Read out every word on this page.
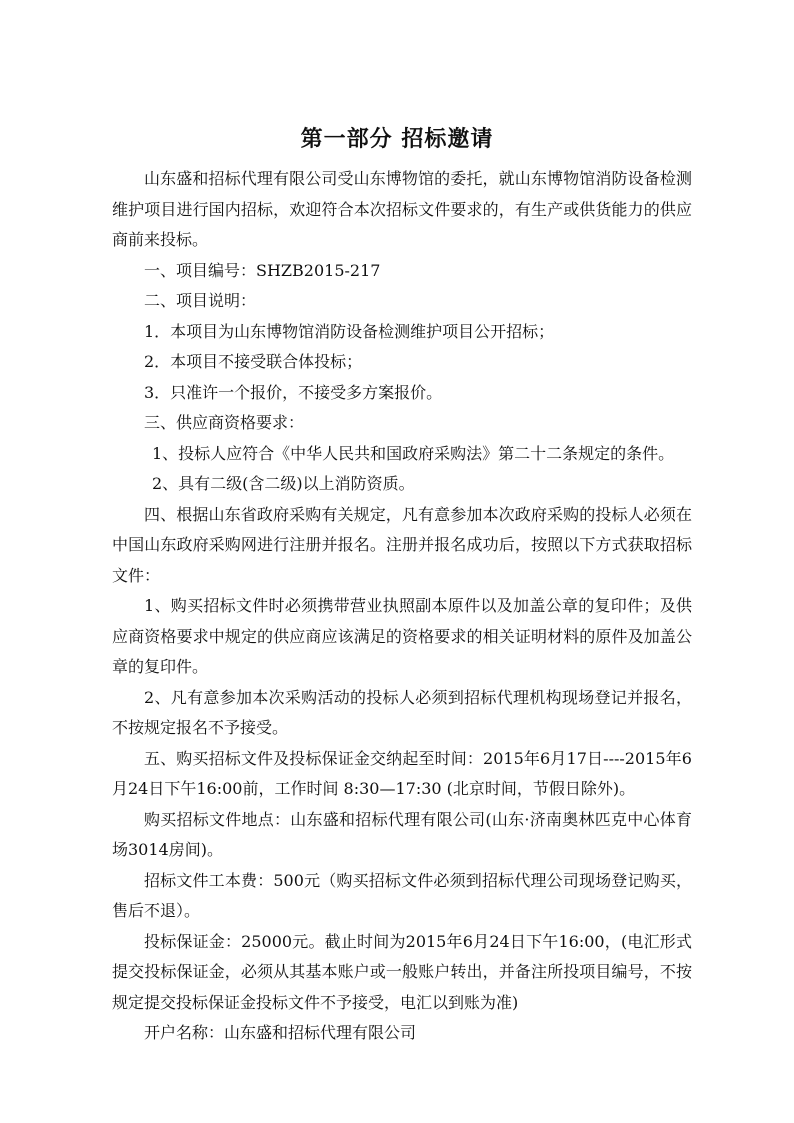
第一部分 招标邀请

山东盛和招标代理有限公司受山东博物馆的委托，就山东博物馆消防设备检测维护项目进行国内招标，欢迎符合本次招标文件要求的，有生产或供货能力的供应商前来投标。

一、项目编号：SHZB2015-217

二、项目说明：

1．本项目为山东博物馆消防设备检测维护项目公开招标；

2．本项目不接受联合体投标；

3．只准许一个报价，不接受多方案报价。

三、供应商资格要求：

1、投标人应符合《中华人民共和国政府采购法》第二十二条规定的条件。

2、具有二级(含二级)以上消防资质。

四、根据山东省政府采购有关规定，凡有意参加本次政府采购的投标人必须在中国山东政府采购网进行注册并报名。注册并报名成功后，按照以下方式获取招标文件：

1、购买招标文件时必须携带营业执照副本原件以及加盖公章的复印件；及供应商资格要求中规定的供应商应该满足的资格要求的相关证明材料的原件及加盖公章的复印件。

2、凡有意参加本次采购活动的投标人必须到招标代理机构现场登记并报名，不按规定报名不予接受。

五、购买招标文件及投标保证金交纳起至时间：2015年6月17日----2015年6月24日下午16:00前，工作时间 8:30—17:30 (北京时间，节假日除外)。

购买招标文件地点：山东盛和招标代理有限公司(山东·济南奥林匹克中心体育场3014房间)。

招标文件工本费：500元（购买招标文件必须到招标代理公司现场登记购买，售后不退）。

投标保证金：25000元。截止时间为2015年6月24日下午16:00，(电汇形式提交投标保证金，必须从其基本账户或一般账户转出，并备注所投项目编号，不按规定提交投标保证金投标文件不予接受，电汇以到账为准)

开户名称：山东盛和招标代理有限公司
